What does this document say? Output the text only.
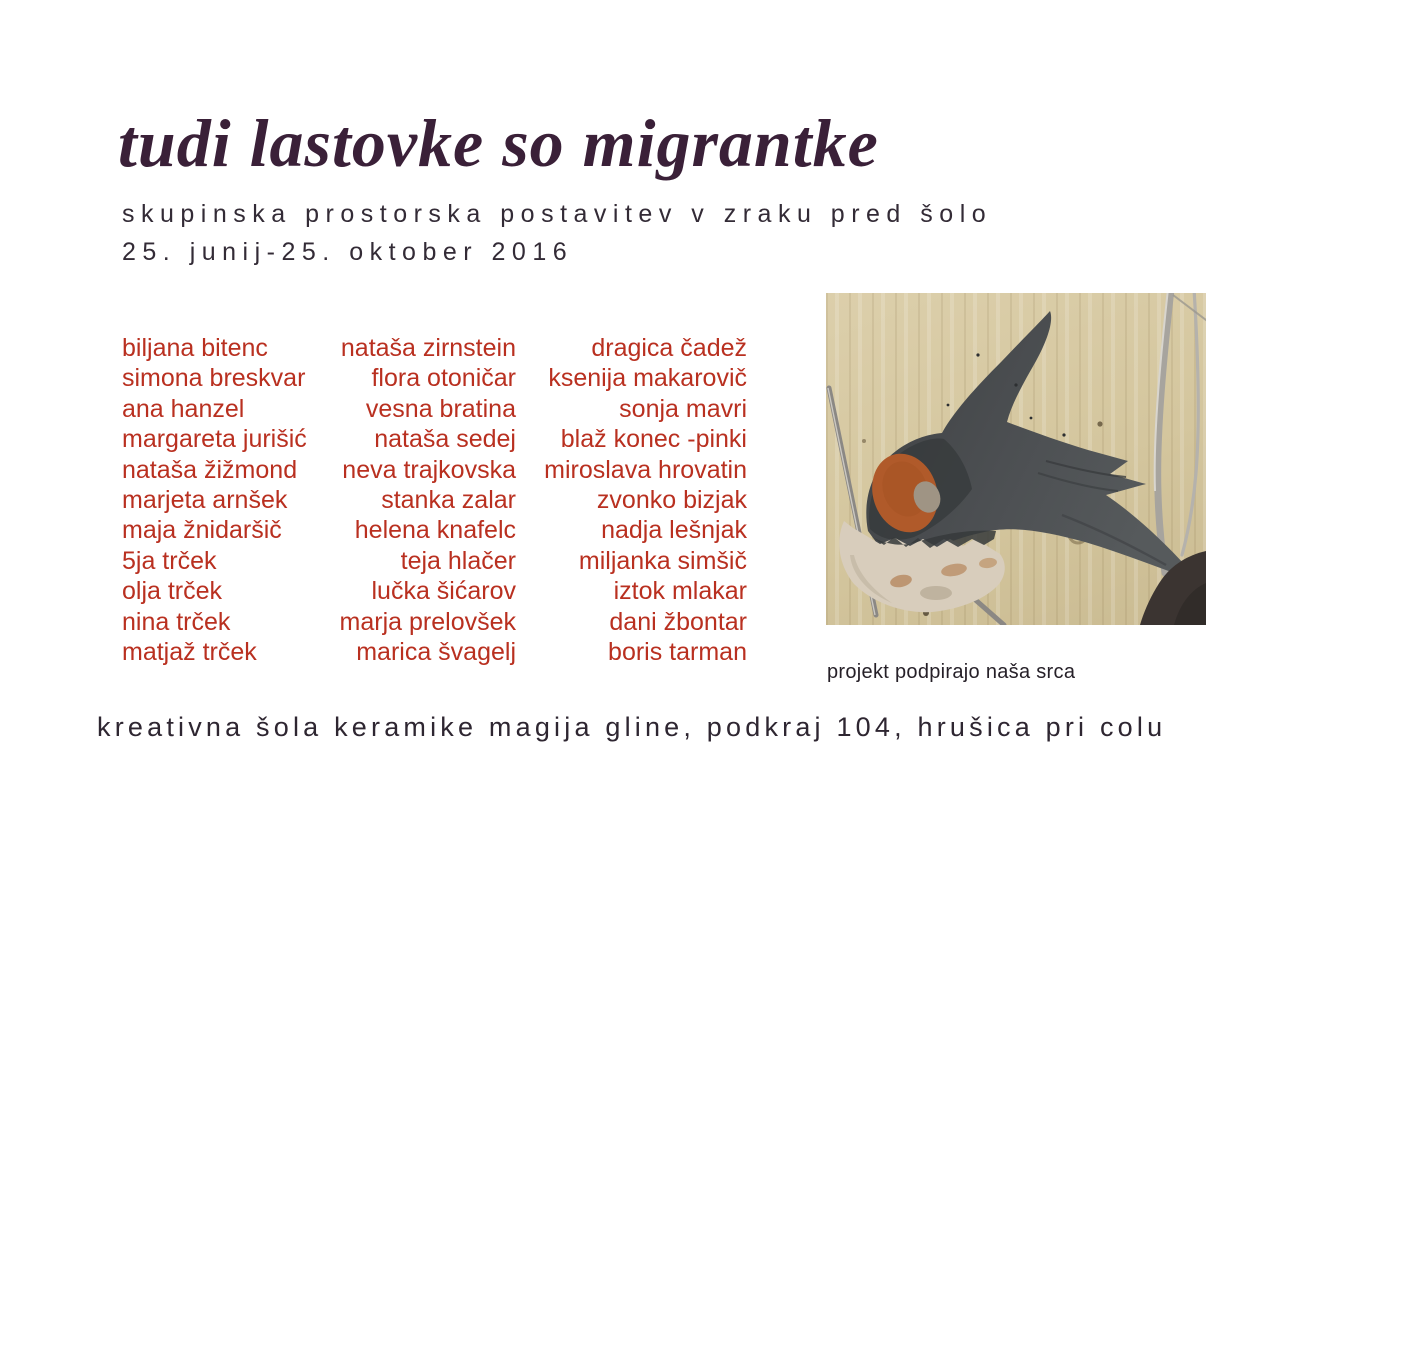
tudi lastovke so migrantke
skupinska prostorska postavitev v zraku pred šolo
25. junij-25. oktober 2016
biljana bitenc
simona breskvar
ana hanzel
margareta jurišić
nataša žižmond
marjeta arnšek
maja žnidaršič
5ja trček
olja trček
nina trček
matjaž trček
nataša zirnstein
flora otoničar
vesna bratina
nataša sedej
neva trajkovska
stanka zalar
helena knafelc
teja hlačer
lučka šićarov
marja prelovšek
marica švagelj
dragica čadež
ksenija makarovič
sonja mavri
blaž konec -pinki
miroslava hrovatin
zvonko bizjak
nadja lešnjak
miljanka simšič
iztok mlakar
dani žbontar
boris tarman
projekt podpirajo naša srca
kreativna šola keramike magija gline, podkraj 104, hrušica pri colu
